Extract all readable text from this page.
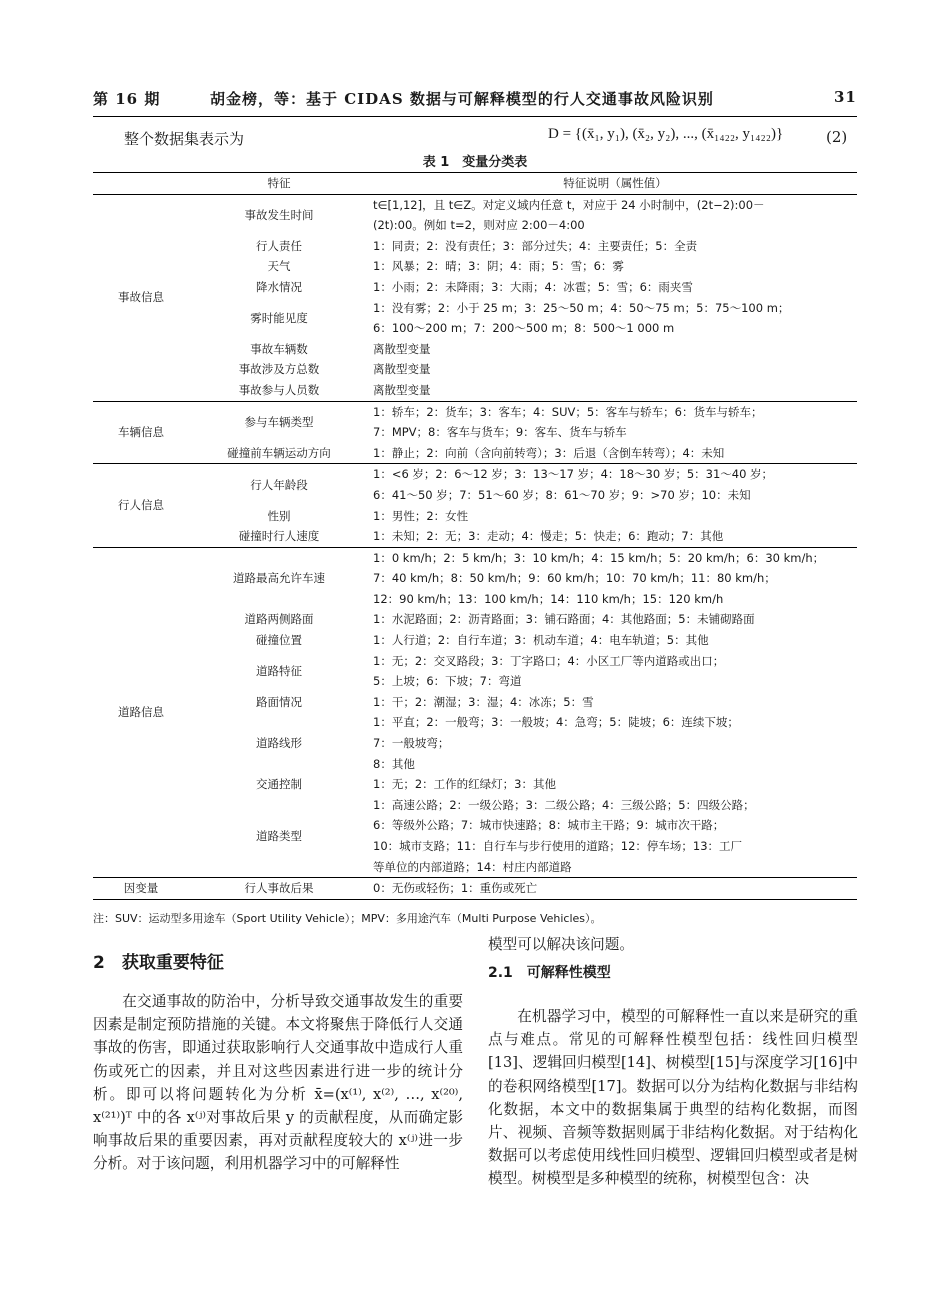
第 16 期	胡金榜，等：基于 CIDAS 数据与可解释模型的行人交通事故风险识别	31
整个数据集表示为	D = {(x̄₁, y₁), (x̄₂, y₂), ..., (x̄₁₄₂₂, y₁₄₂₂)}	(2)
表 1　变量分类表
	特征	特征说明（属性值）
事故信息	事故发生时间	t∈[1,12]，且 t∈Z。对定义域内任意 t，对应于 24 小时制中，(2t−2):00－
(2t):00。例如 t=2，则对应 2:00－4:00

	行人责任	1：同责；2：没有责任；3：部分过失；4：主要责任；5：全责

	天气	1：风暴；2：晴；3：阴；4：雨；5：雪；6：雾

	降水情况	1：小雨；2：未降雨；3：大雨；4：冰雹；5：雪；6：雨夹雪

	雾时能见度	1：没有雾；2：小于 25 m；3：25～50 m；4：50～75 m；5：75～100 m；
6：100～200 m；7：200～500 m；8：500～1 000 m

	事故车辆数	离散型变量

	事故涉及方总数	离散型变量

	事故参与人员数	离散型变量

车辆信息	参与车辆类型	1：轿车；2：货车；3：客车；4：SUV；5：客车与轿车；6：货车与轿车；
7：MPV；8：客车与货车；9：客车、货车与轿车

	碰撞前车辆运动方向	1：静止；2：向前（含向前转弯）；3：后退（含倒车转弯）；4：未知

行人信息	行人年龄段	1：<6 岁；2：6～12 岁；3：13～17 岁；4：18～30 岁；5：31～40 岁；
6：41～50 岁；7：51～60 岁；8：61～70 岁；9：>70 岁；10：未知

	性别	1：男性；2：女性

	碰撞时行人速度	1：未知；2：无；3：走动；4：慢走；5：快走；6：跑动；7：其他

道路信息	道路最高允许车速	1：0 km/h；2：5 km/h；3：10 km/h；4：15 km/h；5：20 km/h；6：30 km/h；
7：40 km/h；8：50 km/h；9：60 km/h；10：70 km/h；11：80 km/h；
12：90 km/h；13：100 km/h；14：110 km/h；15：120 km/h

	道路两侧路面	1：水泥路面；2：沥青路面；3：铺石路面；4：其他路面；5：未铺砌路面

	碰撞位置	1：人行道；2：自行车道；3：机动车道；4：电车轨道；5：其他

	道路特征	1：无；2：交叉路段；3：丁字路口；4：小区工厂等内道路或出口；
5：上坡；6：下坡；7：弯道

	路面情况	1：干；2：潮湿；3：湿；4：冰冻；5：雪

	道路线形	1：平直；2：一般弯；3：一般坡；4：急弯；5：陡坡；6：连续下坡；
7：一般坡弯；
8：其他

	交通控制	1：无；2：工作的红绿灯；3：其他

	道路类型	1：高速公路；2：一级公路；3：二级公路；4：三级公路；5：四级公路；
6：等级外公路；7：城市快速路；8：城市主干路；9：城市次干路；
10：城市支路；11：自行车与步行使用的道路；12：停车场；13：工厂
等单位的内部道路；14：村庄内部道路

因变量	行人事故后果	0：无伤或轻伤；1：重伤或死亡
注：SUV：运动型多用途车（Sport Utility Vehicle）；MPV：多用途汽车（Multi Purpose Vehicles）。
2　获取重要特征

在交通事故的防治中，分析导致交通事故发生的重要因素是制定预防措施的关键。本文将聚焦于降低行人交通事故的伤害，即通过获取影响行人交通事故中造成行人重伤或死亡的因素，并且对这些因素进行进一步的统计分析。即可以将问题转化为分析 x̄=(x⁽¹⁾, x⁽²⁾, …, x⁽²⁰⁾, x⁽²¹⁾)ᵀ 中的各 x⁽ʲ⁾对事故后果 y 的贡献程度，从而确定影响事故后果的重要因素，再对贡献程度较大的 x⁽ʲ⁾进一步分析。对于该问题，利用机器学习中的可解释性

模型可以解决该问题。
2.1　可解释性模型

在机器学习中，模型的可解释性一直以来是研究的重点与难点。常见的可解释性模型包括：线性回归模型[13]、逻辑回归模型[14]、树模型[15]与深度学习[16]中的卷积网络模型[17]。数据可以分为结构化数据与非结构化数据，本文中的数据集属于典型的结构化数据，而图片、视频、音频等数据则属于非结构化数据。对于结构化数据可以考虑使用线性回归模型、逻辑回归模型或者是树模型。树模型是多种模型的统称，树模型包含：决
